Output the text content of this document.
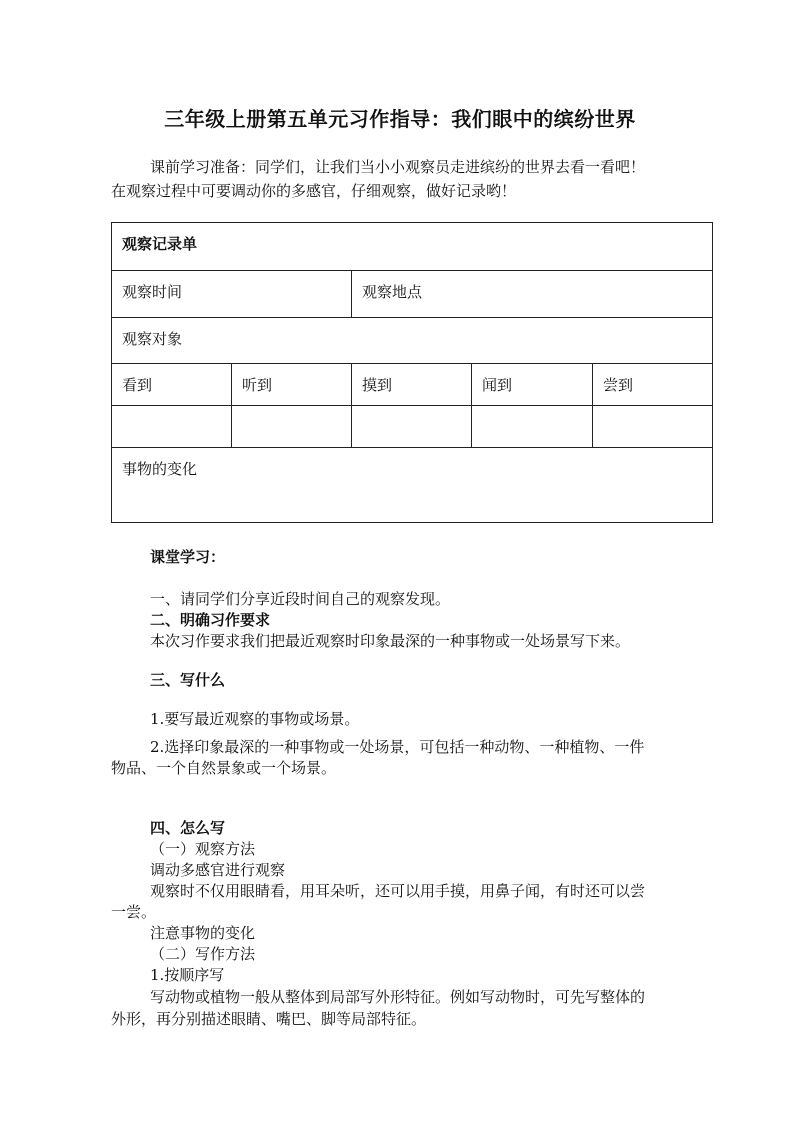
三年级上册第五单元习作指导：我们眼中的缤纷世界
课前学习准备：同学们，让我们当小小观察员走进缤纷的世界去看一看吧！
在观察过程中可要调动你的多感官，仔细观察，做好记录哟！
观察记录单				
观察时间		观察地点		
观察对象				
看到	听到	摸到	闻到	尝到

事物的变化				
课堂学习：
一、请同学们分享近段时间自己的观察发现。
二、明确习作要求
本次习作要求我们把最近观察时印象最深的一种事物或一处场景写下来。
三、写什么
1.要写最近观察的事物或场景。
2.选择印象最深的一种事物或一处场景，可包括一种动物、一种植物、一件
物品、一个自然景象或一个场景。
四、怎么写
（一）观察方法
调动多感官进行观察
观察时不仅用眼睛看，用耳朵听，还可以用手摸，用鼻子闻，有时还可以尝
一尝。
注意事物的变化
（二）写作方法
1.按顺序写
写动物或植物一般从整体到局部写外形特征。例如写动物时，可先写整体的
外形，再分别描述眼睛、嘴巴、脚等局部特征。
